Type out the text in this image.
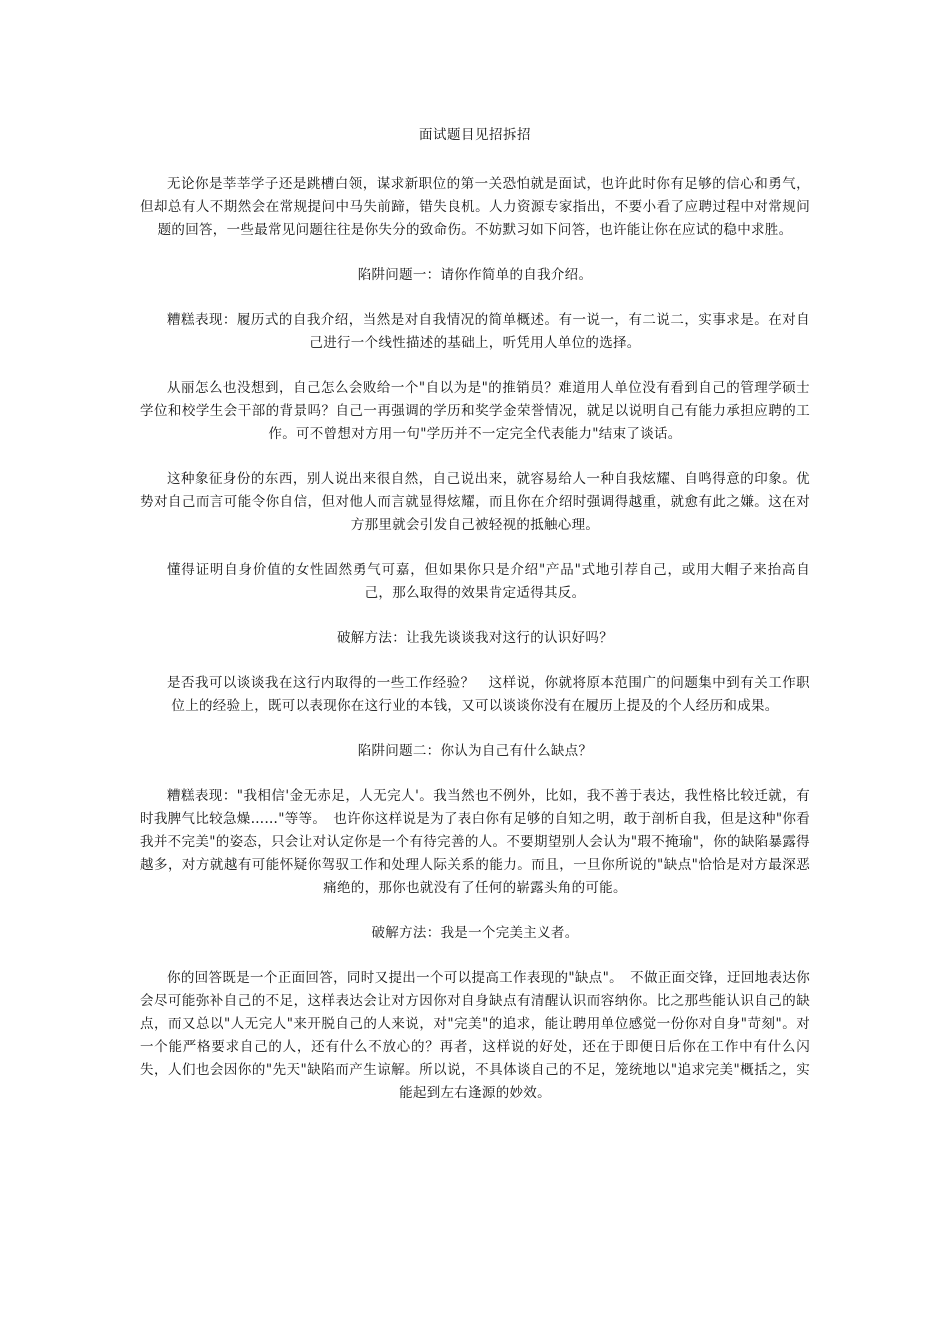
面试题目见招拆招

无论你是莘莘学子还是跳槽白领，谋求新职位的第一关恐怕就是面试，也许此时你有足够的信心和勇气，但却总有人不期然会在常规提问中马失前蹄，错失良机。人力资源专家指出，不要小看了应聘过程中对常规问题的回答，一些最常见问题往往是你失分的致命伤。不妨默习如下问答，也许能让你在应试的稳中求胜。

陷阱问题一：请你作简单的自我介绍。

糟糕表现：履历式的自我介绍，当然是对自我情况的简单概述。有一说一，有二说二，实事求是。在对自己进行一个线性描述的基础上，听凭用人单位的选择。

从丽怎么也没想到，自己怎么会败给一个"自以为是"的推销员？难道用人单位没有看到自己的管理学硕士学位和校学生会干部的背景吗？自己一再强调的学历和奖学金荣誉情况，就足以说明自己有能力承担应聘的工作。可不曾想对方用一句"学历并不一定完全代表能力"结束了谈话。

这种象征身份的东西，别人说出来很自然，自己说出来，就容易给人一种自我炫耀、自鸣得意的印象。优势对自己而言可能令你自信，但对他人而言就显得炫耀，而且你在介绍时强调得越重，就愈有此之嫌。这在对方那里就会引发自己被轻视的抵触心理。

懂得证明自身价值的女性固然勇气可嘉，但如果你只是介绍"产品"式地引荐自己，或用大帽子来抬高自己，那么取得的效果肯定适得其反。

破解方法：让我先谈谈我对这行的认识好吗？

是否我可以谈谈我在这行内取得的一些工作经验？　这样说，你就将原本范围广的问题集中到有关工作职位上的经验上，既可以表现你在这行业的本钱，又可以谈谈你没有在履历上提及的个人经历和成果。

陷阱问题二：你认为自己有什么缺点？

糟糕表现："我相信'金无赤足，人无完人'。我当然也不例外，比如，我不善于表达，我性格比较迁就，有时我脾气比较急燥……"等等。　也许你这样说是为了表白你有足够的自知之明，敢于剖析自我，但是这种"你看我并不完美"的姿态，只会让对认定你是一个有待完善的人。不要期望别人会认为"瑕不掩瑜"，你的缺陷暴露得越多，对方就越有可能怀疑你驾驭工作和处理人际关系的能力。而且，一旦你所说的"缺点"恰恰是对方最深恶痛绝的，那你也就没有了任何的崭露头角的可能。

破解方法：我是一个完美主义者。

你的回答既是一个正面回答，同时又提出一个可以提高工作表现的"缺点"。　不做正面交锋，迂回地表达你会尽可能弥补自己的不足，这样表达会让对方因你对自身缺点有清醒认识而容纳你。比之那些能认识自己的缺点，而又总以"人无完人"来开脱自己的人来说，对"完美"的追求，能让聘用单位感觉一份你对自身"苛刻"。对一个能严格要求自己的人，还有什么不放心的？再者，这样说的好处，还在于即便日后你在工作中有什么闪失，人们也会因你的"先天"缺陷而产生谅解。所以说，不具体谈自己的不足，笼统地以"追求完美"概括之，实能起到左右逢源的妙效。
